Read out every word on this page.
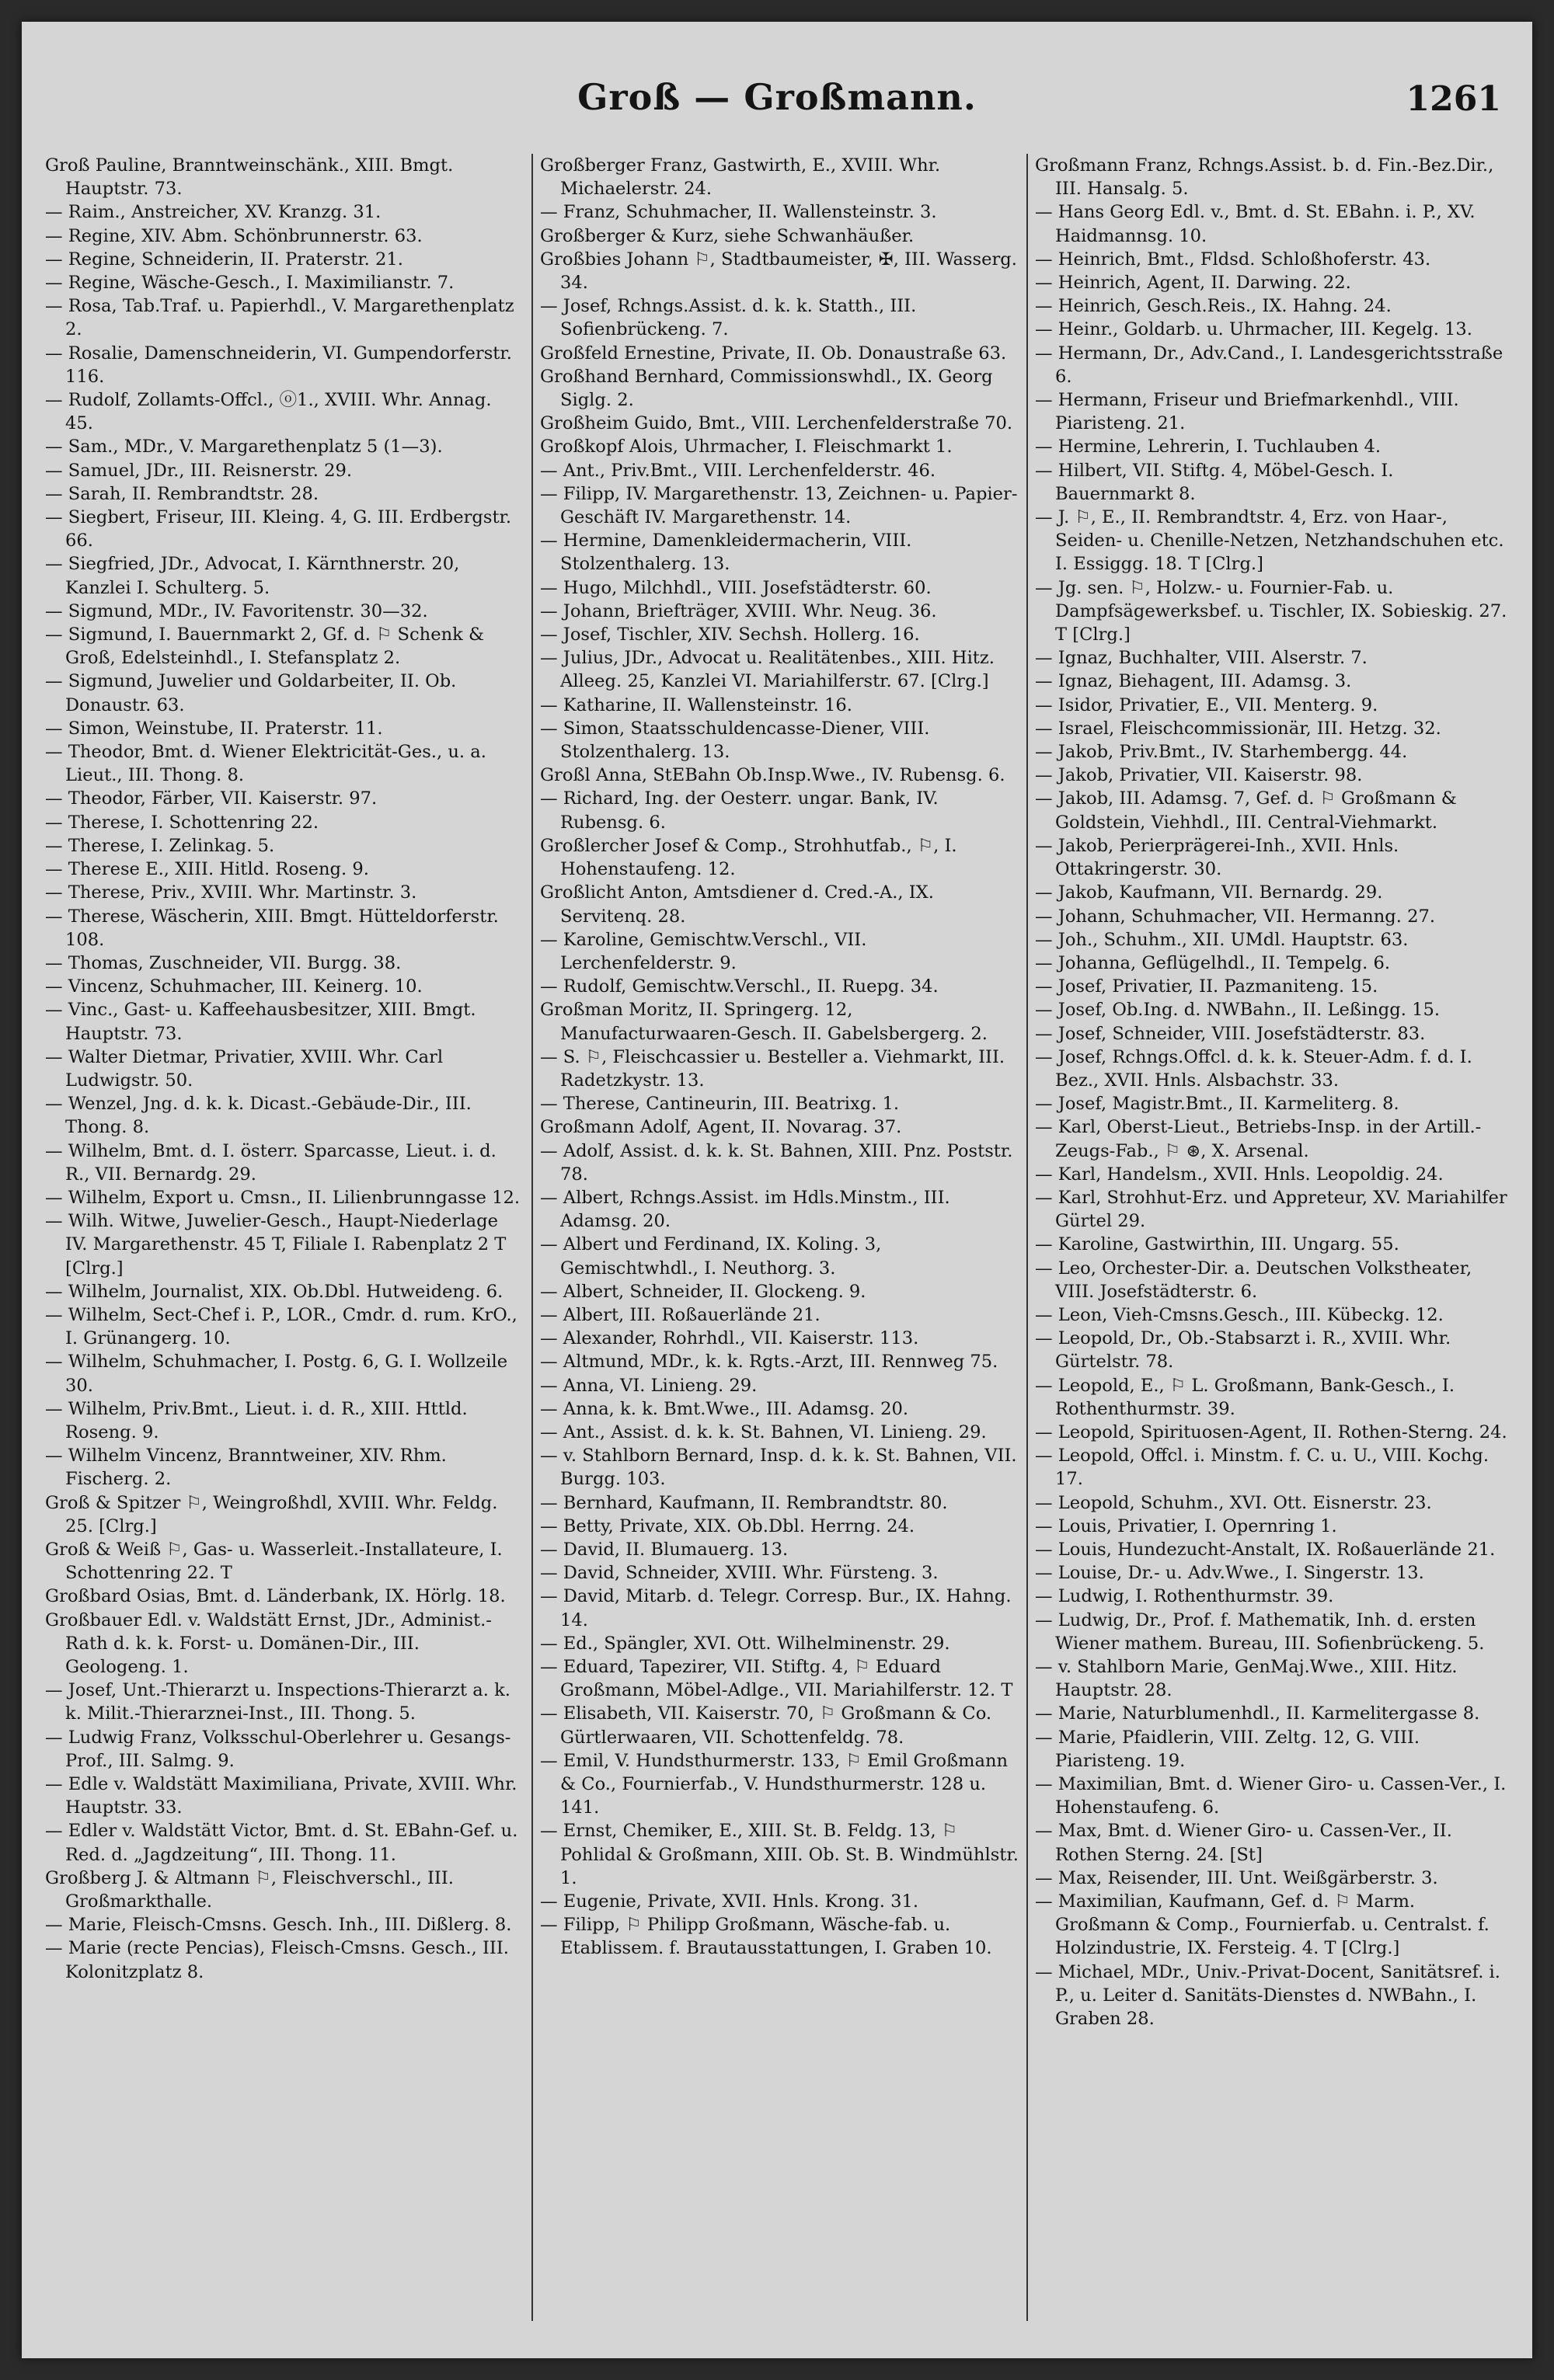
Groß — Großmann.	1261

Groß Pauline, Branntweinschänk., XIII. Bmgt. Hauptstr. 73.

— Raim., Anstreicher, XV. Kranzg. 31.

— Regine, XIV. Abm. Schönbrunnerstr. 63.

— Regine, Schneiderin, II. Praterstr. 21.

— Regine, Wäsche-Gesch., I. Maximilianstr. 7.

— Rosa, Tab.Traf. u. Papierhdl., V. Margarethenplatz 2.

— Rosalie, Damenschneiderin, VI. Gumpendorferstr. 116.

— Rudolf, Zollamts-Offcl., ⓞ1., XVIII. Whr. Annag. 45.

— Sam., MDr., V. Margarethenplatz 5 (1—3).

— Samuel, JDr., III. Reisnerstr. 29.

— Sarah, II. Rembrandtstr. 28.

— Siegbert, Friseur, III. Kleing. 4, G. III. Erdbergstr. 66.

— Siegfried, JDr., Advocat, I. Kärnthnerstr. 20, Kanzlei I. Schulterg. 5.

— Sigmund, MDr., IV. Favoritenstr. 30—32.

— Sigmund, I. Bauernmarkt 2, Gf. d. ⚐ Schenk & Groß, Edelsteinhdl., I. Stefansplatz 2.

— Sigmund, Juwelier und Goldarbeiter, II. Ob. Donaustr. 63.

— Simon, Weinstube, II. Praterstr. 11.

— Theodor, Bmt. d. Wiener Elektricität-Ges., u. a. Lieut., III. Thong. 8.

— Theodor, Färber, VII. Kaiserstr. 97.

— Therese, I. Schottenring 22.

— Therese, I. Zelinkag. 5.

— Therese E., XIII. Hitld. Roseng. 9.

— Therese, Priv., XVIII. Whr. Martinstr. 3.

— Therese, Wäscherin, XIII. Bmgt. Hütteldorferstr. 108.

— Thomas, Zuschneider, VII. Burgg. 38.

— Vincenz, Schuhmacher, III. Keinerg. 10.

— Vinc., Gast- u. Kaffeehausbesitzer, XIII. Bmgt. Hauptstr. 73.

— Walter Dietmar, Privatier, XVIII. Whr. Carl Ludwigstr. 50.

— Wenzel, Jng. d. k. k. Dicast.-Gebäude-Dir., III. Thong. 8.

— Wilhelm, Bmt. d. I. österr. Sparcasse, Lieut. i. d. R., VII. Bernardg. 29.

— Wilhelm, Export u. Cmsn., II. Lilienbrunngasse 12.

— Wilh. Witwe, Juwelier-Gesch., Haupt-Niederlage IV. Margarethenstr. 45 T, Filiale I. Rabenplatz 2 T [Clrg.]

— Wilhelm, Journalist, XIX. Ob.Dbl. Hutweideng. 6.

— Wilhelm, Sect-Chef i. P., LOR., Cmdr. d. rum. KrO., I. Grünangerg. 10.

— Wilhelm, Schuhmacher, I. Postg. 6, G. I. Wollzeile 30.

— Wilhelm, Priv.Bmt., Lieut. i. d. R., XIII. Httld. Roseng. 9.

— Wilhelm Vincenz, Branntweiner, XIV. Rhm. Fischerg. 2.

Groß & Spitzer ⚐, Weingroßhdl, XVIII. Whr. Feldg. 25. [Clrg.]

Groß & Weiß ⚐, Gas- u. Wasserleit.-Installateure, I. Schottenring 22. T

Großbard Osias, Bmt. d. Länderbank, IX. Hörlg. 18.

Großbauer Edl. v. Waldstätt Ernst, JDr., Administ.-Rath d. k. k. Forst- u. Domänen-Dir., III. Geologeng. 1.

— Josef, Unt.-Thierarzt u. Inspections-Thierarzt a. k. k. Milit.-Thierarznei-Inst., III. Thong. 5.

— Ludwig Franz, Volksschul-Oberlehrer u. Gesangs-Prof., III. Salmg. 9.

— Edle v. Waldstätt Maximiliana, Private, XVIII. Whr. Hauptstr. 33.

— Edler v. Waldstätt Victor, Bmt. d. St. EBahn-Gef. u. Red. d. „Jagdzeitung“, III. Thong. 11.

Großberg J. & Altmann ⚐, Fleischverschl., III. Großmarkthalle.

— Marie, Fleisch-Cmsns. Gesch. Inh., III. Dißlerg. 8.

— Marie (recte Pencias), Fleisch-Cmsns. Gesch., III. Kolonitzplatz 8.

Großberger Franz, Gastwirth, E., XVIII. Whr. Michaelerstr. 24.

— Franz, Schuhmacher, II. Wallensteinstr. 3.

Großberger & Kurz, siehe Schwanhäußer.

Großbies Johann ⚐, Stadtbaumeister, ✠, III. Wasserg. 34.

— Josef, Rchngs.Assist. d. k. k. Statth., III. Sofienbrückeng. 7.

Großfeld Ernestine, Private, II. Ob. Donaustraße 63.

Großhand Bernhard, Commissionswhdl., IX. Georg Siglg. 2.

Großheim Guido, Bmt., VIII. Lerchenfelderstraße 70.

Großkopf Alois, Uhrmacher, I. Fleischmarkt 1.

— Ant., Priv.Bmt., VIII. Lerchenfelderstr. 46.

— Filipp, IV. Margarethenstr. 13, Zeichnen- u. Papier-Geschäft IV. Margarethenstr. 14.

— Hermine, Damenkleidermacherin, VIII. Stolzenthalerg. 13.

— Hugo, Milchhdl., VIII. Josefstädterstr. 60.

— Johann, Briefträger, XVIII. Whr. Neug. 36.

— Josef, Tischler, XIV. Sechsh. Hollerg. 16.

— Julius, JDr., Advocat u. Realitätenbes., XIII. Hitz. Alleeg. 25, Kanzlei VI. Mariahilferstr. 67. [Clrg.]

— Katharine, II. Wallensteinstr. 16.

— Simon, Staatsschuldencasse-Diener, VIII. Stolzenthalerg. 13.

Großl Anna, StEBahn Ob.Insp.Wwe., IV. Rubensg. 6.

— Richard, Ing. der Oesterr. ungar. Bank, IV. Rubensg. 6.

Großlercher Josef & Comp., Strohhutfab., ⚐, I. Hohenstaufeng. 12.

Großlicht Anton, Amtsdiener d. Cred.-A., IX. Servitenq. 28.

— Karoline, Gemischtw.Verschl., VII. Lerchenfelderstr. 9.

— Rudolf, Gemischtw.Verschl., II. Ruepg. 34.

Großman Moritz, II. Springerg. 12, Manufacturwaaren-Gesch. II. Gabelsbergerg. 2.

— S. ⚐, Fleischcassier u. Besteller a. Viehmarkt, III. Radetzkystr. 13.

— Therese, Cantineurin, III. Beatrixg. 1.

Großmann Adolf, Agent, II. Novarag. 37.

— Adolf, Assist. d. k. k. St. Bahnen, XIII. Pnz. Poststr. 78.

— Albert, Rchngs.Assist. im Hdls.Minstm., III. Adamsg. 20.

— Albert und Ferdinand, IX. Koling. 3, Gemischtwhdl., I. Neuthorg. 3.

— Albert, Schneider, II. Glockeng. 9.

— Albert, III. Roßauerlände 21.

— Alexander, Rohrhdl., VII. Kaiserstr. 113.

— Altmund, MDr., k. k. Rgts.-Arzt, III. Rennweg 75.

— Anna, VI. Linieng. 29.

— Anna, k. k. Bmt.Wwe., III. Adamsg. 20.

— Ant., Assist. d. k. k. St. Bahnen, VI. Linieng. 29.

— v. Stahlborn Bernard, Insp. d. k. k. St. Bahnen, VII. Burgg. 103.

— Bernhard, Kaufmann, II. Rembrandtstr. 80.

— Betty, Private, XIX. Ob.Dbl. Herrng. 24.

— David, II. Blumauerg. 13.

— David, Schneider, XVIII. Whr. Fürsteng. 3.

— David, Mitarb. d. Telegr. Corresp. Bur., IX. Hahng. 14.

— Ed., Spängler, XVI. Ott. Wilhelminenstr. 29.

— Eduard, Tapezirer, VII. Stiftg. 4, ⚐ Eduard Großmann, Möbel-Adlge., VII. Mariahilferstr. 12. T

— Elisabeth, VII. Kaiserstr. 70, ⚐ Großmann & Co. Gürtlerwaaren, VII. Schottenfeldg. 78.

— Emil, V. Hundsthurmerstr. 133, ⚐ Emil Großmann & Co., Fournierfab., V. Hundsthurmerstr. 128 u. 141.

— Ernst, Chemiker, E., XIII. St. B. Feldg. 13, ⚐ Pohlidal & Großmann, XIII. Ob. St. B. Windmühlstr. 1.

— Eugenie, Private, XVII. Hnls. Krong. 31.

— Filipp, ⚐ Philipp Großmann, Wäsche-fab. u. Etablissem. f. Brautausstattungen, I. Graben 10.

Großmann Franz, Rchngs.Assist. b. d. Fin.-Bez.Dir., III. Hansalg. 5.

— Hans Georg Edl. v., Bmt. d. St. EBahn. i. P., XV. Haidmannsg. 10.

— Heinrich, Bmt., Fldsd. Schloßhoferstr. 43.

— Heinrich, Agent, II. Darwing. 22.

— Heinrich, Gesch.Reis., IX. Hahng. 24.

— Heinr., Goldarb. u. Uhrmacher, III. Kegelg. 13.

— Hermann, Dr., Adv.Cand., I. Landesgerichtsstraße 6.

— Hermann, Friseur und Briefmarkenhdl., VIII. Piaristeng. 21.

— Hermine, Lehrerin, I. Tuchlauben 4.

— Hilbert, VII. Stiftg. 4, Möbel-Gesch. I. Bauernmarkt 8.

— J. ⚐, E., II. Rembrandtstr. 4, Erz. von Haar-, Seiden- u. Chenille-Netzen, Netzhandschuhen etc. I. Essiggg. 18. T [Clrg.]

— Jg. sen. ⚐, Holzw.- u. Fournier-Fab. u. Dampfsägewerksbef. u. Tischler, IX. Sobieskig. 27. T [Clrg.]

— Ignaz, Buchhalter, VIII. Alserstr. 7.

— Ignaz, Biehagent, III. Adamsg. 3.

— Isidor, Privatier, E., VII. Menterg. 9.

— Israel, Fleischcommissionär, III. Hetzg. 32.

— Jakob, Priv.Bmt., IV. Starhembergg. 44.

— Jakob, Privatier, VII. Kaiserstr. 98.

— Jakob, III. Adamsg. 7, Gef. d. ⚐ Großmann & Goldstein, Viehhdl., III. Central-Viehmarkt.

— Jakob, Perierprägerei-Inh., XVII. Hnls. Ottakringerstr. 30.

— Jakob, Kaufmann, VII. Bernardg. 29.

— Johann, Schuhmacher, VII. Hermanng. 27.

— Joh., Schuhm., XII. UMdl. Hauptstr. 63.

— Johanna, Geflügelhdl., II. Tempelg. 6.

— Josef, Privatier, II. Pazmaniteng. 15.

— Josef, Ob.Ing. d. NWBahn., II. Leßingg. 15.

— Josef, Schneider, VIII. Josefstädterstr. 83.

— Josef, Rchngs.Offcl. d. k. k. Steuer-Adm. f. d. I. Bez., XVII. Hnls. Alsbachstr. 33.

— Josef, Magistr.Bmt., II. Karmeliterg. 8.

— Karl, Oberst-Lieut., Betriebs-Insp. in der Artill.-Zeugs-Fab., ⚐ ⊛, X. Arsenal.

— Karl, Handelsm., XVII. Hnls. Leopoldig. 24.

— Karl, Strohhut-Erz. und Appreteur, XV. Mariahilfer Gürtel 29.

— Karoline, Gastwirthin, III. Ungarg. 55.

— Leo, Orchester-Dir. a. Deutschen Volkstheater, VIII. Josefstädterstr. 6.

— Leon, Vieh-Cmsns.Gesch., III. Kübeckg. 12.

— Leopold, Dr., Ob.-Stabsarzt i. R., XVIII. Whr. Gürtelstr. 78.

— Leopold, E., ⚐ L. Großmann, Bank-Gesch., I. Rothenthurmstr. 39.

— Leopold, Spirituosen-Agent, II. Rothen-Sterng. 24.

— Leopold, Offcl. i. Minstm. f. C. u. U., VIII. Kochg. 17.

— Leopold, Schuhm., XVI. Ott. Eisnerstr. 23.

— Louis, Privatier, I. Opernring 1.

— Louis, Hundezucht-Anstalt, IX. Roßauerlände 21.

— Louise, Dr.- u. Adv.Wwe., I. Singerstr. 13.

— Ludwig, I. Rothenthurmstr. 39.

— Ludwig, Dr., Prof. f. Mathematik, Inh. d. ersten Wiener mathem. Bureau, III. Sofienbrückeng. 5.

— v. Stahlborn Marie, GenMaj.Wwe., XIII. Hitz. Hauptstr. 28.

— Marie, Naturblumenhdl., II. Karmelitergasse 8.

— Marie, Pfaidlerin, VIII. Zeltg. 12, G. VIII. Piaristeng. 19.

— Maximilian, Bmt. d. Wiener Giro- u. Cassen-Ver., I. Hohenstaufeng. 6.

— Max, Bmt. d. Wiener Giro- u. Cassen-Ver., II. Rothen Sterng. 24. [St]

— Max, Reisender, III. Unt. Weißgärberstr. 3.

— Maximilian, Kaufmann, Gef. d. ⚐ Marm. Großmann & Comp., Fournierfab. u. Centralst. f. Holzindustrie, IX. Fersteig. 4. T [Clrg.]

— Michael, MDr., Univ.-Privat-Docent, Sanitätsref. i. P., u. Leiter d. Sanitäts-Dienstes d. NWBahn., I. Graben 28.
